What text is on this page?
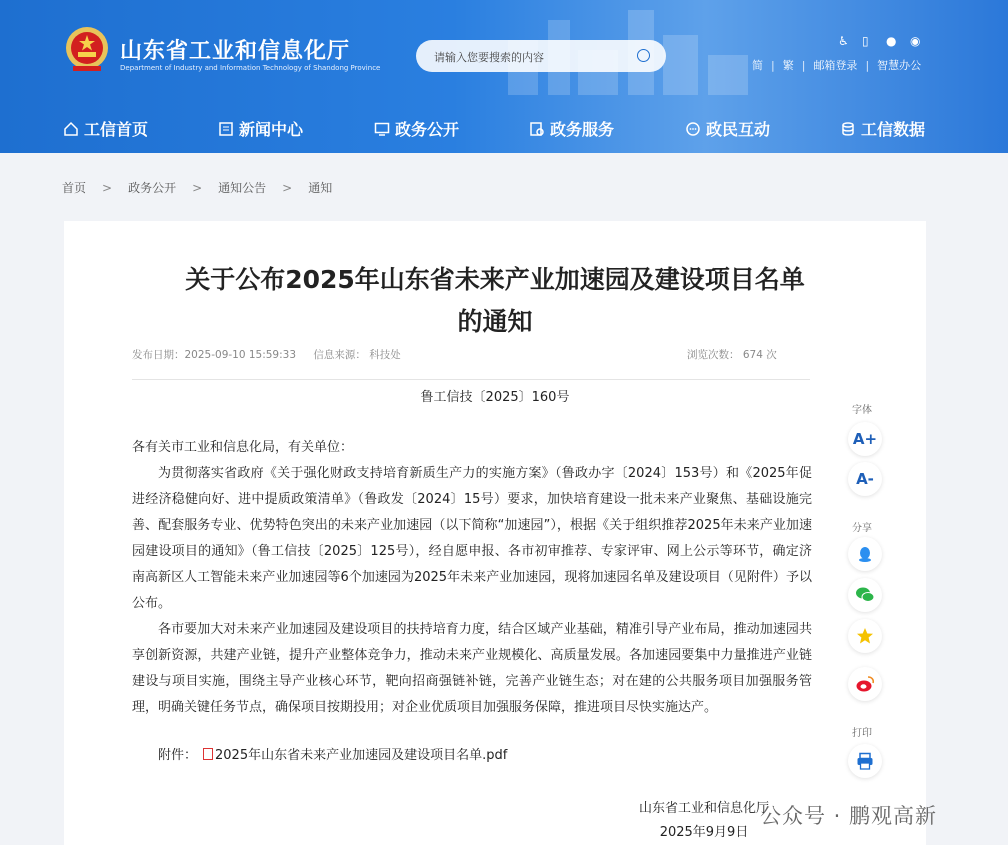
山东省工业和信息化厅
Department of Industry and Information Technology of Shandong Province
请输入您要搜索的内容
♿ ▯ ● ◉
简 | 繁 | 邮箱登录 | 智慧办公
工信首页	新闻中心	政务公开	政务服务	政民互动	工信数据
首页 > 政务公开 > 通知公告 > 通知
关于公布2025年山东省未来产业加速园及建设项目名单
的通知
发布日期：2025-09-10 15:59:33 信息来源： 科技处	浏览次数： 674 次
鲁工信技〔2025〕160号

各有关市工业和信息化局，有关单位：

为贯彻落实省政府《关于强化财政支持培育新质生产力的实施方案》（鲁政办字〔2024〕153号）和《2025年促进经济稳健向好、进中提质政策清单》（鲁政发〔2024〕15号）要求，加快培育建设一批未来产业聚焦、基础设施完善、配套服务专业、优势特色突出的未来产业加速园（以下简称“加速园”），根据《关于组织推荐2025年未来产业加速园建设项目的通知》（鲁工信技〔2025〕125号），经自愿申报、各市初审推荐、专家评审、网上公示等环节，确定济南高新区人工智能未来产业加速园等6个加速园为2025年未来产业加速园，现将加速园名单及建设项目（见附件）予以公布。

各市要加大对未来产业加速园及建设项目的扶持培育力度，结合区域产业基础，精准引导产业布局，推动加速园共享创新资源，共建产业链，提升产业整体竞争力，推动未来产业规模化、高质量发展。各加速园要集中力量推进产业链建设与项目实施，围绕主导产业核心环节，靶向招商强链补链，完善产业链生态；对在建的公共服务项目加强服务管理，明确关键任务节点，确保项目按期投用；对企业优质项目加强服务保障，推进项目尽快实施达产。

附件： 2025年山东省未来产业加速园及建设项目名单.pdf
山东省工业和信息化厅
2025年9月9日
字体
A+
A-
分享
打印
公众号 · 鹏观高新
